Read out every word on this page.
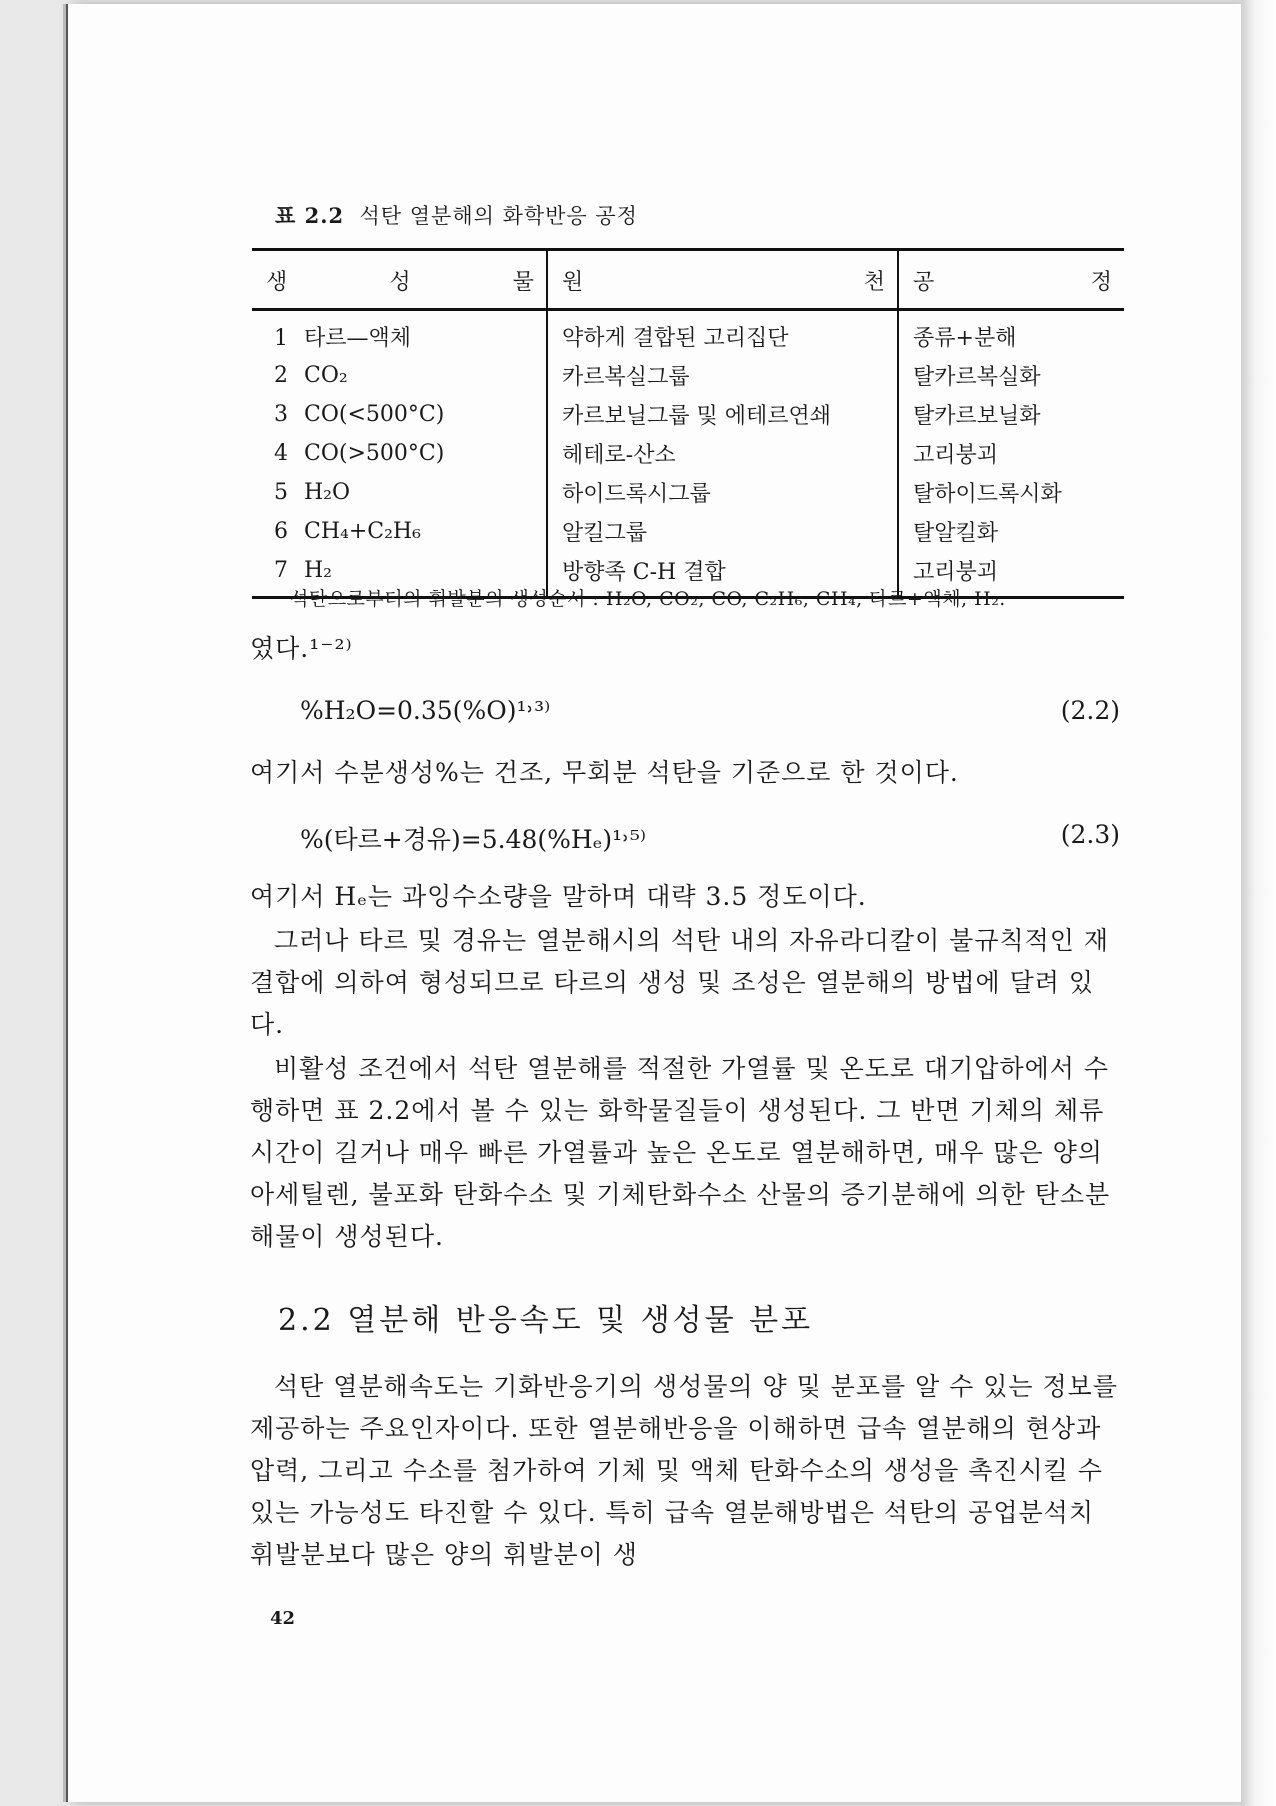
표 2.2 석탄 열분해의 화학반응 공정
생 성 물	원 천	공 정

1 타르—액체	약하게 결합된 고리집단	종류+분해
2 CO₂	카르복실그룹	탈카르복실화
3 CO(<500°C)	카르보닐그룹 및 에테르연쇄	탈카르보닐화
4 CO(>500°C)	헤테로-산소	고리붕괴
5 H₂O	하이드록시그룹	탈하이드록시화
6 CH₄+C₂H₆	알킬그룹	탈알킬화
7 H₂	방향족 C-H 결합	고리붕괴
석탄으로부터의 휘발분의 생성순서 : H₂O, CO₂, CO, C₂H₆, CH₄, 타르+액체, H₂.
였다.¹⁻²⁾
%H₂O=0.35(%O)¹˒³⁾	(2.2)
여기서 수분생성%는 건조, 무회분 석탄을 기준으로 한 것이다.
%(타르+경유)=5.48(%Hₑ)¹˒⁵⁾	(2.3)
여기서 Hₑ는 과잉수소량을 말하며 대략 3.5 정도이다.
그러나 타르 및 경유는 열분해시의 석탄 내의 자유라디칼이 불규칙적인 재결합에 의하여 형성되므로 타르의 생성 및 조성은 열분해의 방법에 달려 있다.
비활성 조건에서 석탄 열분해를 적절한 가열률 및 온도로 대기압하에서 수행하면 표 2.2에서 볼 수 있는 화학물질들이 생성된다. 그 반면 기체의 체류시간이 길거나 매우 빠른 가열률과 높은 온도로 열분해하면, 매우 많은 양의 아세틸렌, 불포화 탄화수소 및 기체탄화수소 산물의 증기분해에 의한 탄소분해물이 생성된다.
2.2 열분해 반응속도 및 생성물 분포
석탄 열분해속도는 기화반응기의 생성물의 양 및 분포를 알 수 있는 정보를 제공하는 주요인자이다. 또한 열분해반응을 이해하면 급속 열분해의 현상과 압력, 그리고 수소를 첨가하여 기체 및 액체 탄화수소의 생성을 촉진시킬 수 있는 가능성도 타진할 수 있다. 특히 급속 열분해방법은 석탄의 공업분석치 휘발분보다 많은 양의 휘발분이 생
42
